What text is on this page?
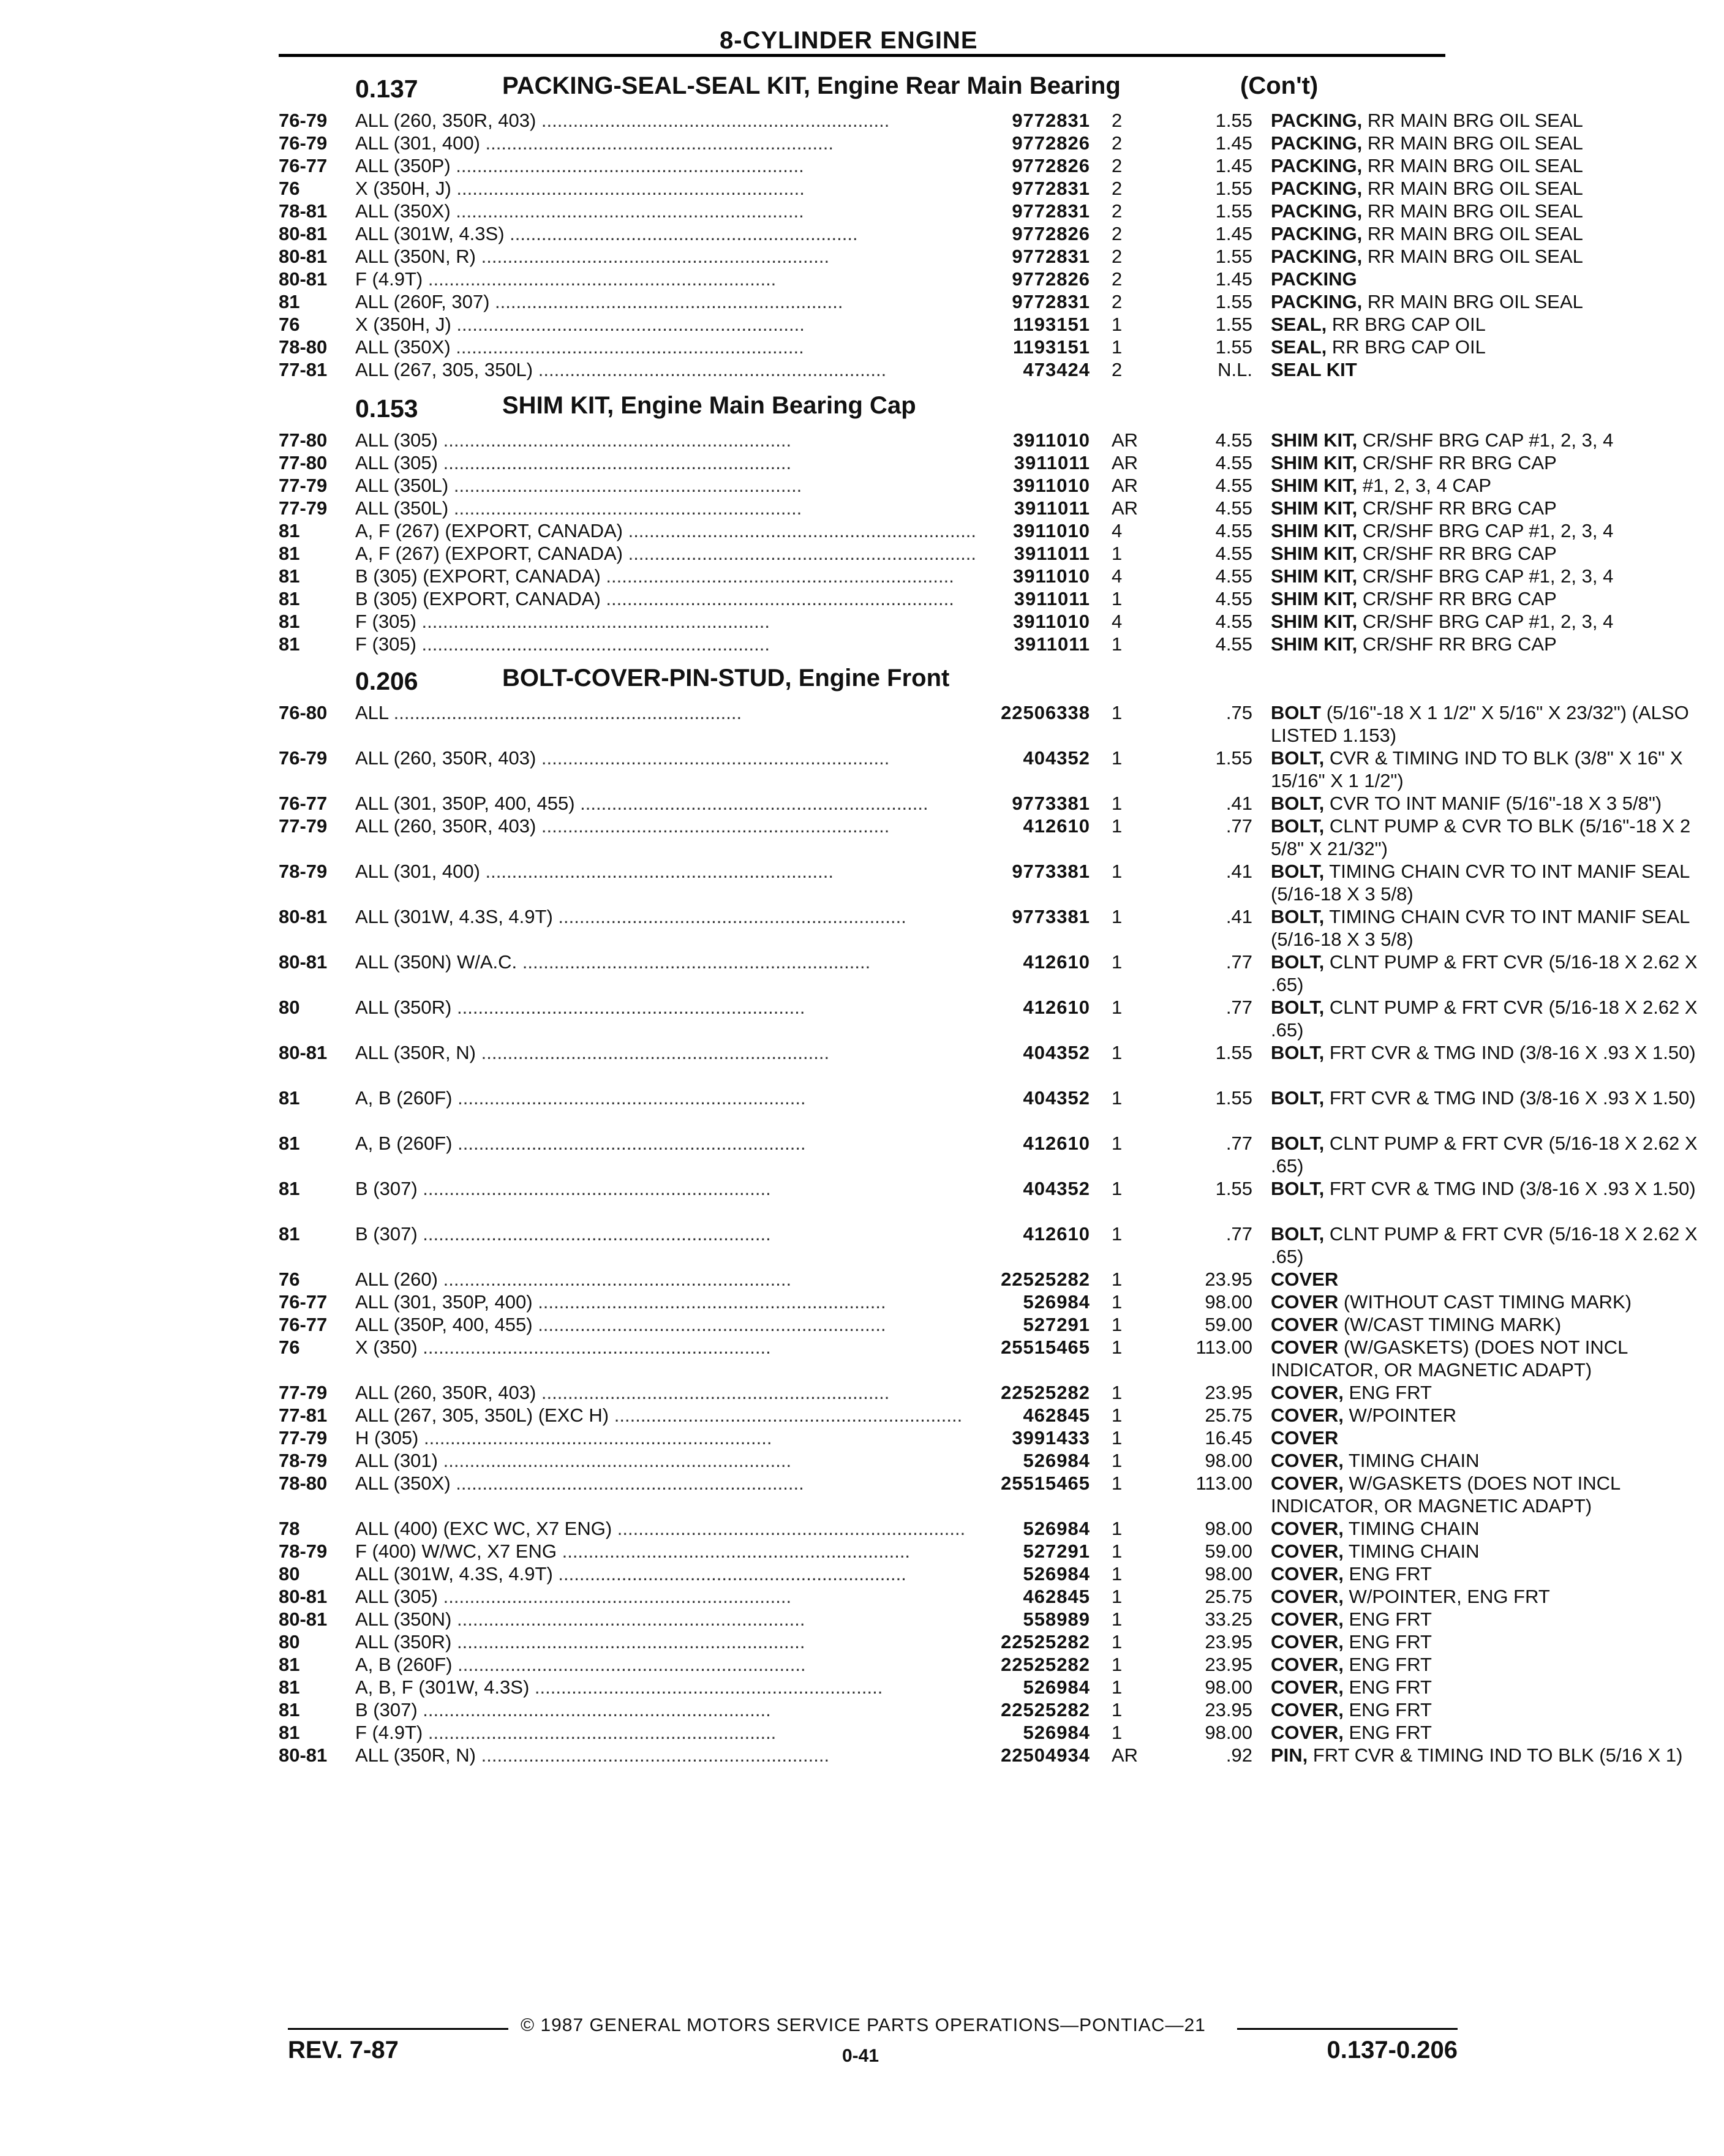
8-CYLINDER ENGINE
0.137	PACKING-SEAL-SEAL KIT, Engine Rear Main Bearing	(Con't)
76-79	ALL (260, 350R, 403) ..................................................................	9772831 2	1.55 PACKING, RR MAIN BRG OIL SEAL
76-79	ALL (301, 400) ..................................................................	9772826 2	1.45 PACKING, RR MAIN BRG OIL SEAL
76-77	ALL (350P) ..................................................................	9772826 2	1.45 PACKING, RR MAIN BRG OIL SEAL
76	X (350H, J) ..................................................................	9772831 2	1.55 PACKING, RR MAIN BRG OIL SEAL
78-81	ALL (350X) ..................................................................	9772831 2	1.55 PACKING, RR MAIN BRG OIL SEAL
80-81	ALL (301W, 4.3S) ..................................................................	9772826 2	1.45 PACKING, RR MAIN BRG OIL SEAL
80-81	ALL (350N, R) ..................................................................	9772831 2	1.55 PACKING, RR MAIN BRG OIL SEAL
80-81	F (4.9T) ..................................................................	9772826 2	1.45 PACKING
81	ALL (260F, 307) ..................................................................	9772831 2	1.55 PACKING, RR MAIN BRG OIL SEAL
76	X (350H, J) ..................................................................	1193151 1	1.55 SEAL, RR BRG CAP OIL
78-80	ALL (350X) ..................................................................	1193151 1	1.55 SEAL, RR BRG CAP OIL
77-81	ALL (267, 305, 350L) ..................................................................	473424 2	N.L. SEAL KIT
0.153	SHIM KIT, Engine Main Bearing Cap
77-80	ALL (305) ..................................................................	3911010 AR	4.55 SHIM KIT, CR/SHF BRG CAP #1, 2, 3, 4
77-80	ALL (305) ..................................................................	3911011 AR	4.55 SHIM KIT, CR/SHF RR BRG CAP
77-79	ALL (350L) ..................................................................	3911010 AR	4.55 SHIM KIT, #1, 2, 3, 4 CAP
77-79	ALL (350L) ..................................................................	3911011 AR	4.55 SHIM KIT, CR/SHF RR BRG CAP
81	A, F (267) (EXPORT, CANADA) ..................................................................	3911010 4	4.55 SHIM KIT, CR/SHF BRG CAP #1, 2, 3, 4
81	A, F (267) (EXPORT, CANADA) ..................................................................	3911011 1	4.55 SHIM KIT, CR/SHF RR BRG CAP
81	B (305) (EXPORT, CANADA) ..................................................................	3911010 4	4.55 SHIM KIT, CR/SHF BRG CAP #1, 2, 3, 4
81	B (305) (EXPORT, CANADA) ..................................................................	3911011 1	4.55 SHIM KIT, CR/SHF RR BRG CAP
81	F (305) ..................................................................	3911010 4	4.55 SHIM KIT, CR/SHF BRG CAP #1, 2, 3, 4
81	F (305) ..................................................................	3911011 1	4.55 SHIM KIT, CR/SHF RR BRG CAP
0.206	BOLT-COVER-PIN-STUD, Engine Front
76-80	ALL ..................................................................	22506338 1	.75 BOLT (5/16"-18 X 1 1/2" X 5/16" X 23/32") (ALSO LISTED 1.153)
76-79	ALL (260, 350R, 403) ..................................................................	404352 1	1.55 BOLT, CVR & TIMING IND TO BLK (3/8" X 16" X 15/16" X 1 1/2")
76-77	ALL (301, 350P, 400, 455) ..................................................................	9773381 1	.41 BOLT, CVR TO INT MANIF (5/16"-18 X 3 5/8")
77-79	ALL (260, 350R, 403) ..................................................................	412610 1	.77 BOLT, CLNT PUMP & CVR TO BLK (5/16"-18 X 2 5/8" X 21/32")
78-79	ALL (301, 400) ..................................................................	9773381 1	.41 BOLT, TIMING CHAIN CVR TO INT MANIF SEAL (5/16-18 X 3 5/8)
80-81	ALL (301W, 4.3S, 4.9T) ..................................................................	9773381 1	.41 BOLT, TIMING CHAIN CVR TO INT MANIF SEAL (5/16-18 X 3 5/8)
80-81	ALL (350N) W/A.C. ..................................................................	412610 1	.77 BOLT, CLNT PUMP & FRT CVR (5/16-18 X 2.62 X .65)
80	ALL (350R) ..................................................................	412610 1	.77 BOLT, CLNT PUMP & FRT CVR (5/16-18 X 2.62 X .65)
80-81	ALL (350R, N) ..................................................................	404352 1	1.55 BOLT, FRT CVR & TMG IND (3/8-16 X .93 X 1.50)
81	A, B (260F) ..................................................................	404352 1	1.55 BOLT, FRT CVR & TMG IND (3/8-16 X .93 X 1.50)
81	A, B (260F) ..................................................................	412610 1	.77 BOLT, CLNT PUMP & FRT CVR (5/16-18 X 2.62 X .65)
81	B (307) ..................................................................	404352 1	1.55 BOLT, FRT CVR & TMG IND (3/8-16 X .93 X 1.50)
81	B (307) ..................................................................	412610 1	.77 BOLT, CLNT PUMP & FRT CVR (5/16-18 X 2.62 X .65)
76	ALL (260) ..................................................................	22525282 1	23.95 COVER
76-77	ALL (301, 350P, 400) ..................................................................	526984 1	98.00 COVER (WITHOUT CAST TIMING MARK)
76-77	ALL (350P, 400, 455) ..................................................................	527291 1	59.00 COVER (W/CAST TIMING MARK)
76	X (350) ..................................................................	25515465 1	113.00 COVER (W/GASKETS) (DOES NOT INCL INDICATOR, OR MAGNETIC ADAPT)
77-79	ALL (260, 350R, 403) ..................................................................	22525282 1	23.95 COVER, ENG FRT
77-81	ALL (267, 305, 350L) (EXC H) ..................................................................	462845 1	25.75 COVER, W/POINTER
77-79	H (305) ..................................................................	3991433 1	16.45 COVER
78-79	ALL (301) ..................................................................	526984 1	98.00 COVER, TIMING CHAIN
78-80	ALL (350X) ..................................................................	25515465 1	113.00 COVER, W/GASKETS (DOES NOT INCL INDICATOR, OR MAGNETIC ADAPT)
78	ALL (400) (EXC WC, X7 ENG) ..................................................................	526984 1	98.00 COVER, TIMING CHAIN
78-79	F (400) W/WC, X7 ENG ..................................................................	527291 1	59.00 COVER, TIMING CHAIN
80	ALL (301W, 4.3S, 4.9T) ..................................................................	526984 1	98.00 COVER, ENG FRT
80-81	ALL (305) ..................................................................	462845 1	25.75 COVER, W/POINTER, ENG FRT
80-81	ALL (350N) ..................................................................	558989 1	33.25 COVER, ENG FRT
80	ALL (350R) ..................................................................	22525282 1	23.95 COVER, ENG FRT
81	A, B (260F) ..................................................................	22525282 1	23.95 COVER, ENG FRT
81	A, B, F (301W, 4.3S) ..................................................................	526984 1	98.00 COVER, ENG FRT
81	B (307) ..................................................................	22525282 1	23.95 COVER, ENG FRT
81	F (4.9T) ..................................................................	526984 1	98.00 COVER, ENG FRT
80-81	ALL (350R, N) ..................................................................	22504934 AR	.92 PIN, FRT CVR & TIMING IND TO BLK (5/16 X 1)
© 1987 GENERAL MOTORS SERVICE PARTS OPERATIONS—PONTIAC—21
REV. 7-87	0-41	0.137-0.206
